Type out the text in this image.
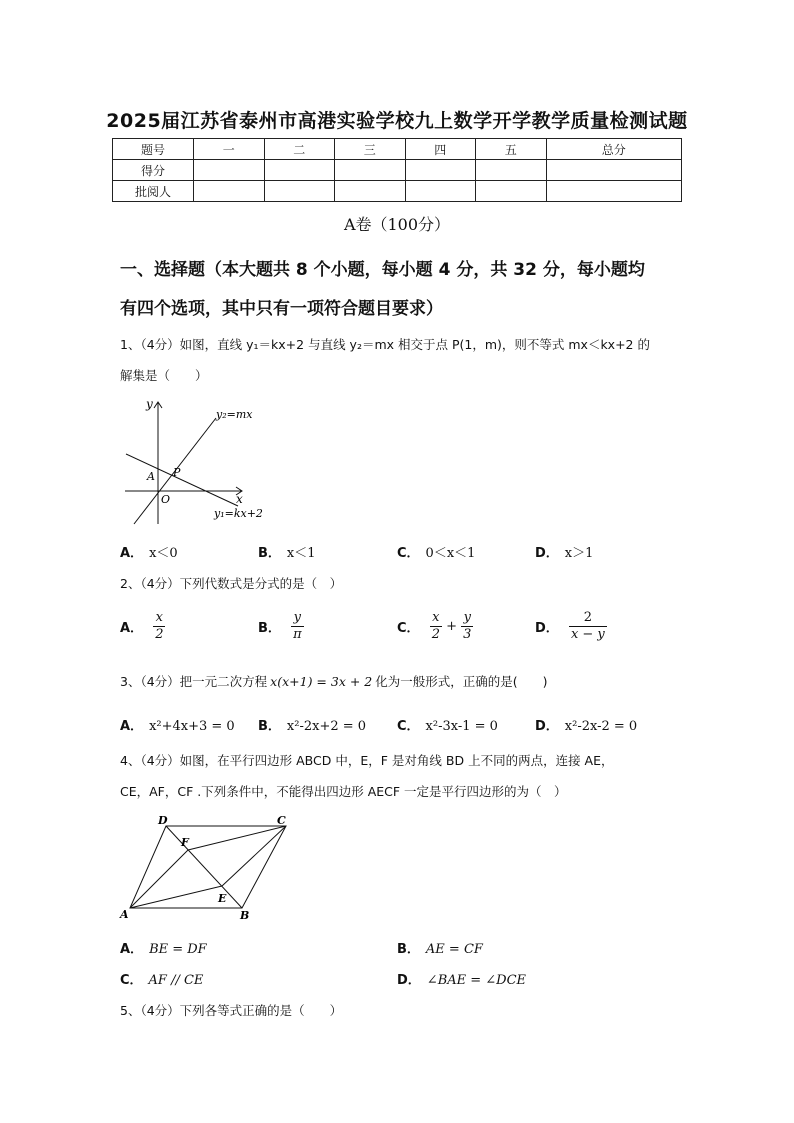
2025届江苏省泰州市高港实验学校九上数学开学教学质量检测试题
题号	一	二	三	四	五	总分
得分						
批阅人						
A卷（100分）
一、选择题（本大题共 8 个小题，每小题 4 分，共 32 分，每小题均
有四个选项，其中只有一项符合题目要求）
1、（4分）如图，直线 y₁＝kx+2 与直线 y₂＝mx 相交于点 P(1，m)，则不等式 mx＜kx+2 的
解集是（　　）
y
x
O
A P
y₂=mx
y₁=kx+2
A． x＜0	B． x＜1	C． 0＜x＜1	D． x＞1
2、（4分）下列代数式是分式的是（　）
A． $\frac{x}{2}$	B． $\frac{y}{\pi}$	C． $\frac{x}{2} + \frac{y}{3}$	D． $\frac{2}{x - y}$
3、（4分）把一元二次方程 x(x+1) = 3x + 2 化为一般形式，正确的是(　　)
A． x²+4x+3 = 0 B． x²-2x+2 = 0 C． x²-3x-1 = 0	D． x²-2x-2 = 0
4、（4分）如图，在平行四边形 ABCD 中，E，F 是对角线 BD 上不同的两点，连接 AE，
CE，AF，CF .下列条件中，不能得出四边形 AECF 一定是平行四边形的为（　）
A	B
C
D
E
F
A． BE = DF	B． AE = CF
C． AF // CE	D． ∠BAE = ∠DCE
5、（4分）下列各等式正确的是（　　）
